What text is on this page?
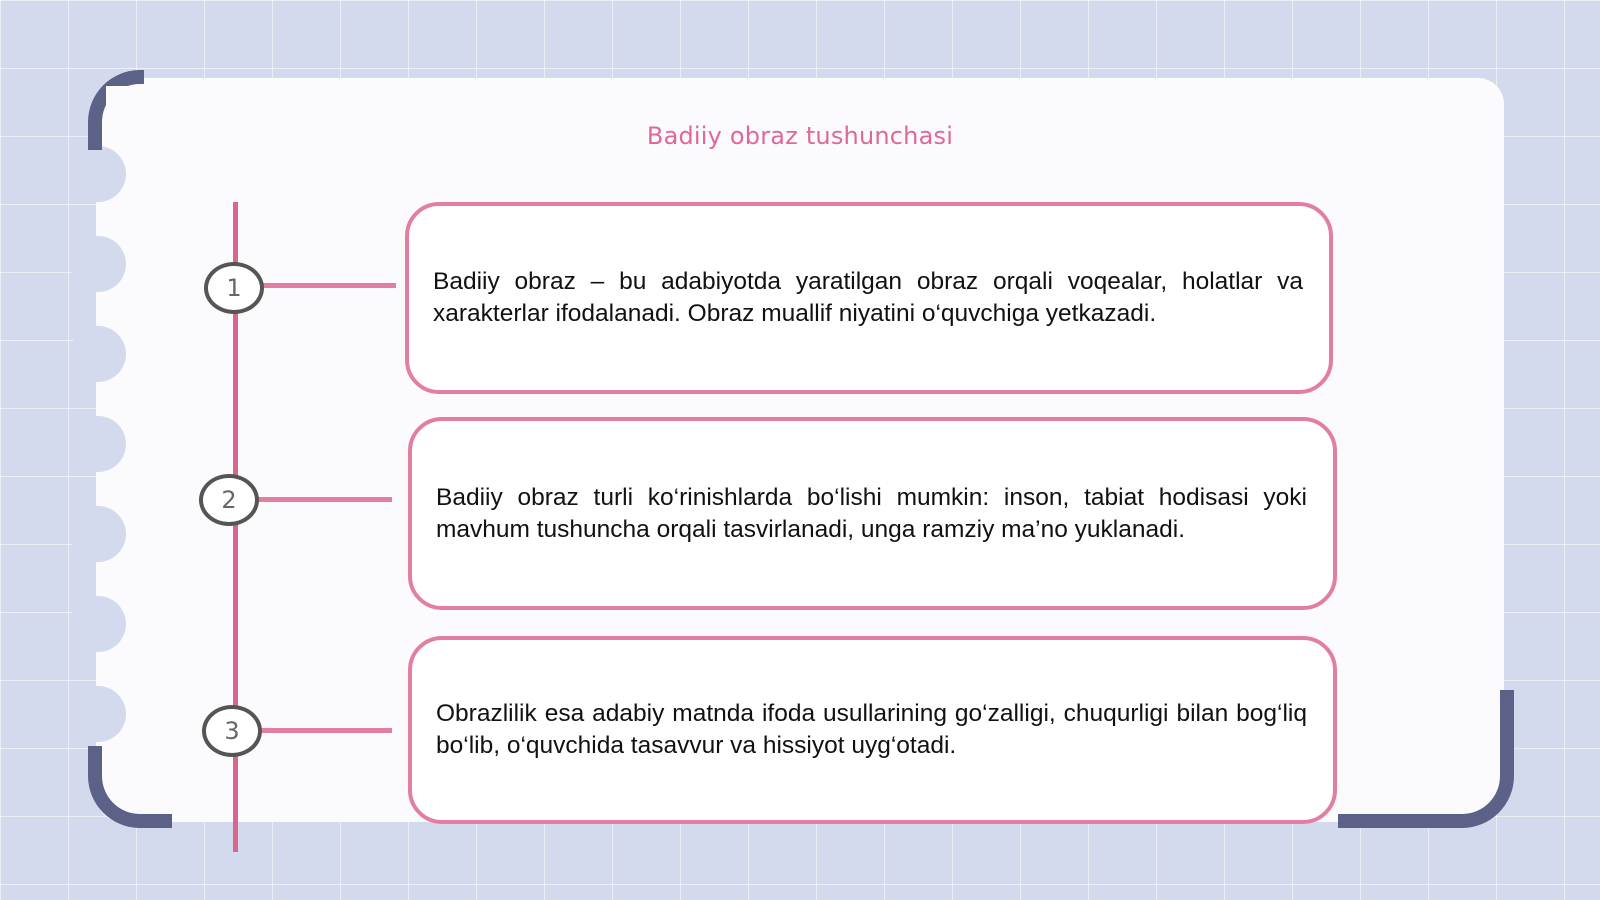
Badiiy obraz tushunchasi
1
2
3
Badiiy obraz – bu adabiyotda yaratilgan obraz orqali voqealar, holatlar va xarakterlar ifodalanadi. Obraz muallif niyatini o‘quvchiga yetkazadi.
Badiiy obraz turli ko‘rinishlarda bo‘lishi mumkin: inson, tabiat hodisasi yoki mavhum tushuncha orqali tasvirlanadi, unga ramziy ma’no yuklanadi.
Obrazlilik esa adabiy matnda ifoda usullarining go‘zalligi, chuqurligi bilan bog‘liq bo‘lib, o‘quvchida tasavvur va hissiyot uyg‘otadi.
